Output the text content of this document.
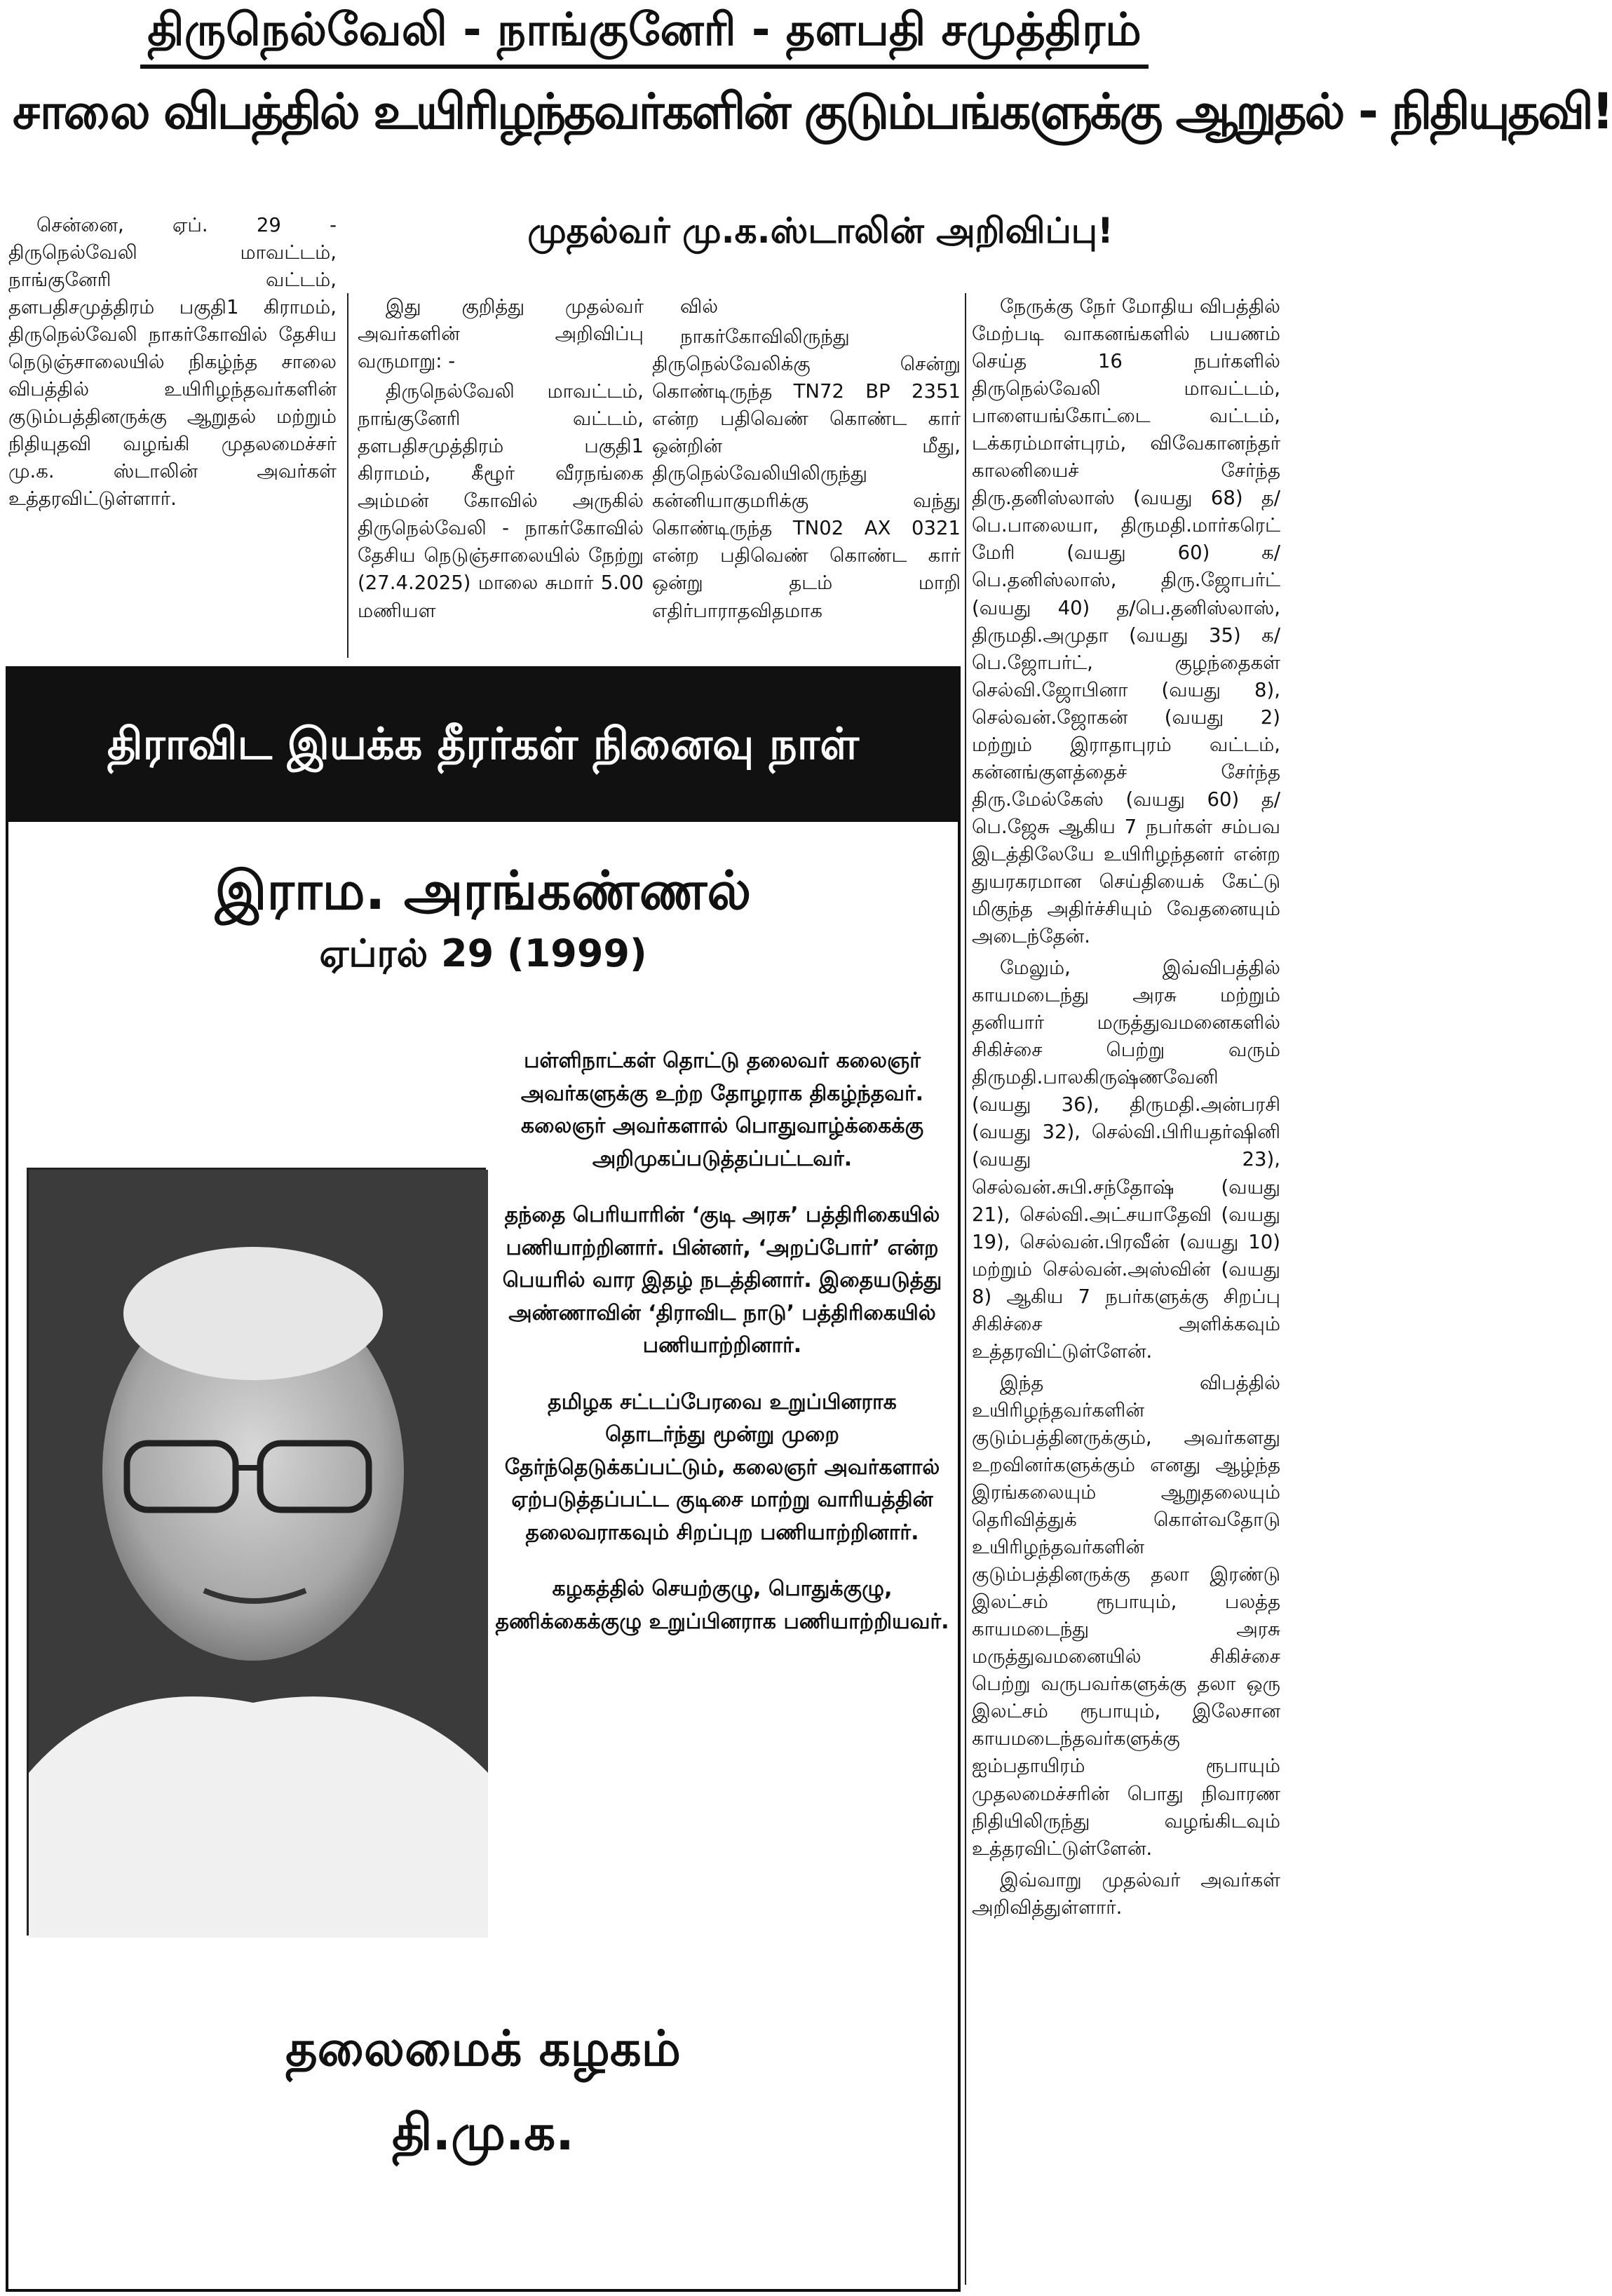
திருநெல்வேலி - நாங்குனேரி - தளபதி சமுத்திரம்
சாலை விபத்தில் உயிரிழந்தவர்களின் குடும்பங்களுக்கு ஆறுதல் - நிதியுதவி!
முதல்வர் மு.க.ஸ்டாலின் அறிவிப்பு!

சென்னை, ஏப். 29 - திருநெல்வேலி மாவட்டம், நாங்குனேரி வட்டம், தளபதிசமுத்திரம் பகுதி1 கிராமம், திருநெல்வேலி நாகர்கோவில் தேசிய நெடுஞ்சாலையில் நிகழ்ந்த சாலை விபத்தில் உயிரிழந்தவர்களின் குடும்பத்தினருக்கு ஆறுதல் மற்றும் நிதியுதவி வழங்கி முதலமைச்சர் மு.க. ஸ்டாலின் அவர்கள் உத்தரவிட்டுள்ளார்.

இது குறித்து முதல்வர் அவர்களின் அறிவிப்பு வருமாறு: -

திருநெல்வேலி மாவட்டம், நாங்குனேரி வட்டம், தளபதிசமுத்திரம் பகுதி1 கிராமம், கீழூர் வீரநங்கை அம்மன் கோவில் அருகில் திருநெல்வேலி - நாகர்கோவில் தேசிய நெடுஞ்சாலையில் நேற்று (27.4.2025) மாலை சுமார் 5.00 மணியள

வில்

நாகர்கோவிலிருந்து திருநெல்வேலிக்கு சென்று கொண்டிருந்த TN72 BP 2351 என்ற பதிவெண் கொண்ட கார் ஒன்றின் மீது, திருநெல்வேலியிலிருந்து கன்னியாகுமரிக்கு வந்து கொண்டிருந்த TN02 AX 0321 என்ற பதிவெண் கொண்ட கார் ஒன்று தடம் மாறி எதிர்பாராதவிதமாக

நேருக்கு நேர் மோதிய விபத்தில் மேற்படி வாகனங்களில் பயணம் செய்த 16 நபர்களில் திருநெல்வேலி மாவட்டம், பாளையங்கோட்டை வட்டம், டக்கரம்மாள்புரம், விவேகானந்தர் காலனியைச் சேர்ந்த திரு.தனிஸ்லாஸ் (வயது 68) த/பெ.பாலையா, திருமதி.மார்கரெட் மேரி (வயது 60) க/பெ.தனிஸ்லாஸ், திரு.ஜோபர்ட் (வயது 40) த/பெ.தனிஸ்லாஸ், திருமதி.அமுதா (வயது 35) க/பெ.ஜோபர்ட், குழந்தைகள் செல்வி.ஜோபினா (வயது 8), செல்வன்.ஜோகன் (வயது 2) மற்றும் இராதாபுரம் வட்டம், கன்னங்குளத்தைச் சேர்ந்த திரு.மேல்கேஸ் (வயது 60) த/பெ.ஜேசு ஆகிய 7 நபர்கள் சம்பவ இடத்திலேயே உயிரிழந்தனர் என்ற துயரகரமான செய்தியைக் கேட்டு மிகுந்த அதிர்ச்சியும் வேதனையும் அடைந்தேன்.

மேலும், இவ்விபத்தில் காயமடைந்து அரசு மற்றும் தனியார் மருத்துவமனைகளில் சிகிச்சை பெற்று வரும் திருமதி.பாலகிருஷ்ணவேனி (வயது 36), திருமதி.அன்பரசி (வயது 32), செல்வி.பிரியதர்ஷினி (வயது 23), செல்வன்.சுபி.சந்தோஷ் (வயது 21), செல்வி.அட்சயாதேவி (வயது 19), செல்வன்.பிரவீன் (வயது 10) மற்றும் செல்வன்.அஸ்வின் (வயது 8) ஆகிய 7 நபர்களுக்கு சிறப்பு சிகிச்சை அளிக்கவும் உத்தரவிட்டுள்ளேன்.

இந்த விபத்தில் உயிரிழந்தவர்களின் குடும்பத்தினருக்கும், அவர்களது உறவினர்களுக்கும் எனது ஆழ்ந்த இரங்கலையும் ஆறுதலையும் தெரிவித்துக் கொள்வதோடு உயிரிழந்தவர்களின் குடும்பத்தினருக்கு தலா இரண்டு இலட்சம் ரூபாயும், பலத்த காயமடைந்து அரசு மருத்துவமனையில் சிகிச்சை பெற்று வருபவர்களுக்கு தலா ஒரு இலட்சம் ரூபாயும், இலேசான காயமடைந்தவர்களுக்கு ஐம்பதாயிரம் ரூபாயும் முதலமைச்சரின் பொது நிவாரண நிதியிலிருந்து வழங்கிடவும் உத்தரவிட்டுள்ளேன்.

இவ்வாறு முதல்வர் அவர்கள் அறிவித்துள்ளார்.

திராவிட இயக்க தீரர்கள் நினைவு நாள்
இராம. அரங்கண்ணல்
ஏப்ரல் 29 (1999)

பள்ளிநாட்கள் தொட்டு தலைவர் கலைஞர் அவர்களுக்கு உற்ற தோழராக திகழ்ந்தவர். கலைஞர் அவர்களால் பொதுவாழ்க்கைக்கு அறிமுகப்படுத்தப்பட்டவர்.

தந்தை பெரியாரின் ‘குடி அரசு’ பத்திரிகையில் பணியாற்றினார். பின்னர், ‘அறப்போர்’ என்ற பெயரில் வார இதழ் நடத்தினார். இதையடுத்து அண்ணாவின் ‘திராவிட நாடு’ பத்திரிகையில் பணியாற்றினார்.

தமிழக சட்டப்பேரவை உறுப்பினராக தொடர்ந்து மூன்று முறை தேர்ந்தெடுக்கப்பட்டும், கலைஞர் அவர்களால் ஏற்படுத்தப்பட்ட குடிசை மாற்று வாரியத்தின் தலைவராகவும் சிறப்புற பணியாற்றினார்.

கழகத்தில் செயற்குழு, பொதுக்குழு, தணிக்கைக்குழு உறுப்பினராக பணியாற்றியவர்.

தலைமைக் கழகம்
தி.மு.க.
